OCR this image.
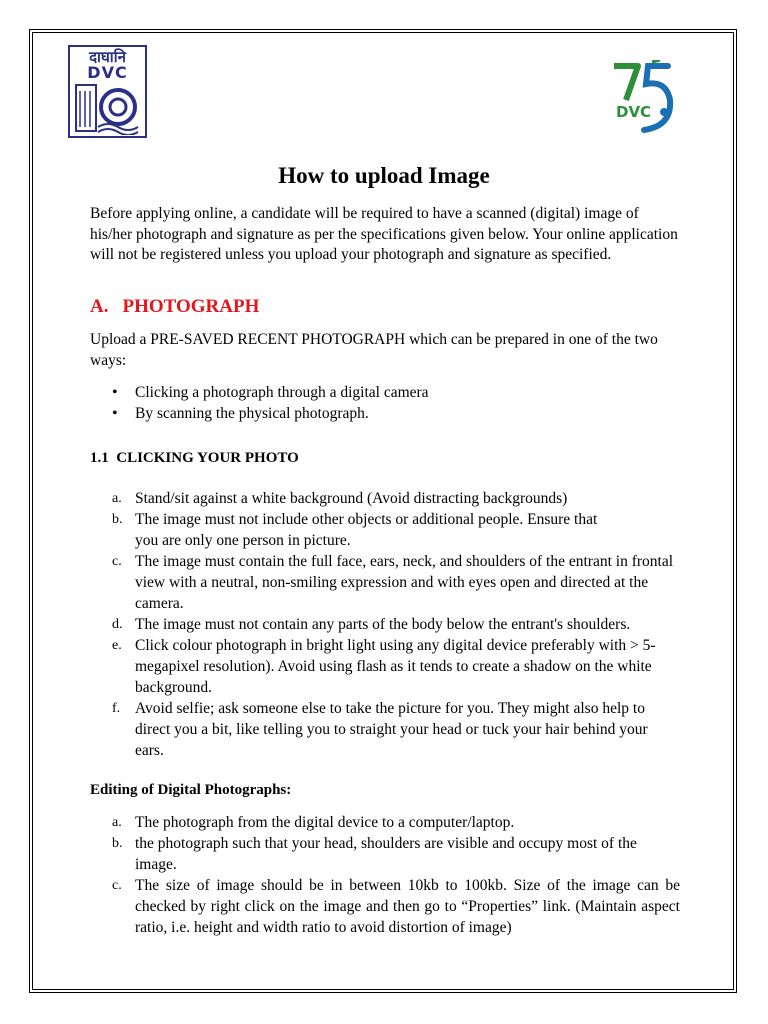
दाघानि
DVC
DVC
How to upload Image
Before applying online, a candidate will be required to have a scanned (digital) image of his/her photograph and signature as per the specifications given below. Your online application will not be registered unless you upload your photograph and signature as specified.
A. PHOTOGRAPH
Upload a PRE-SAVED RECENT PHOTOGRAPH which can be prepared in one of the two ways:
• Clicking a photograph through a digital camera
• By scanning the physical photograph.
1.1  CLICKING YOUR PHOTO
a. Stand/sit against a white background (Avoid distracting backgrounds)
b. The image must not include other objects or additional people. Ensure that you are only one person in picture.
c. The image must contain the full face, ears, neck, and shoulders of the entrant in frontal view with a neutral, non-smiling expression and with eyes open and directed at the camera.
d. The image must not contain any parts of the body below the entrant's shoulders.
e. Click colour photograph in bright light using any digital device preferably with > 5-megapixel resolution). Avoid using flash as it tends to create a shadow on the white background.
f. Avoid selfie; ask someone else to take the picture for you. They might also help to direct you a bit, like telling you to straight your head or tuck your hair behind your ears.
Editing of Digital Photographs:
a. The photograph from the digital device to a computer/laptop.
b. the photograph such that your head, shoulders are visible and occupy most of the image.
c. The size of image should be in between 10kb to 100kb. Size of the image can be checked by right click on the image and then go to “Properties” link. (Maintain aspect ratio, i.e. height and width ratio to avoid distortion of image)
